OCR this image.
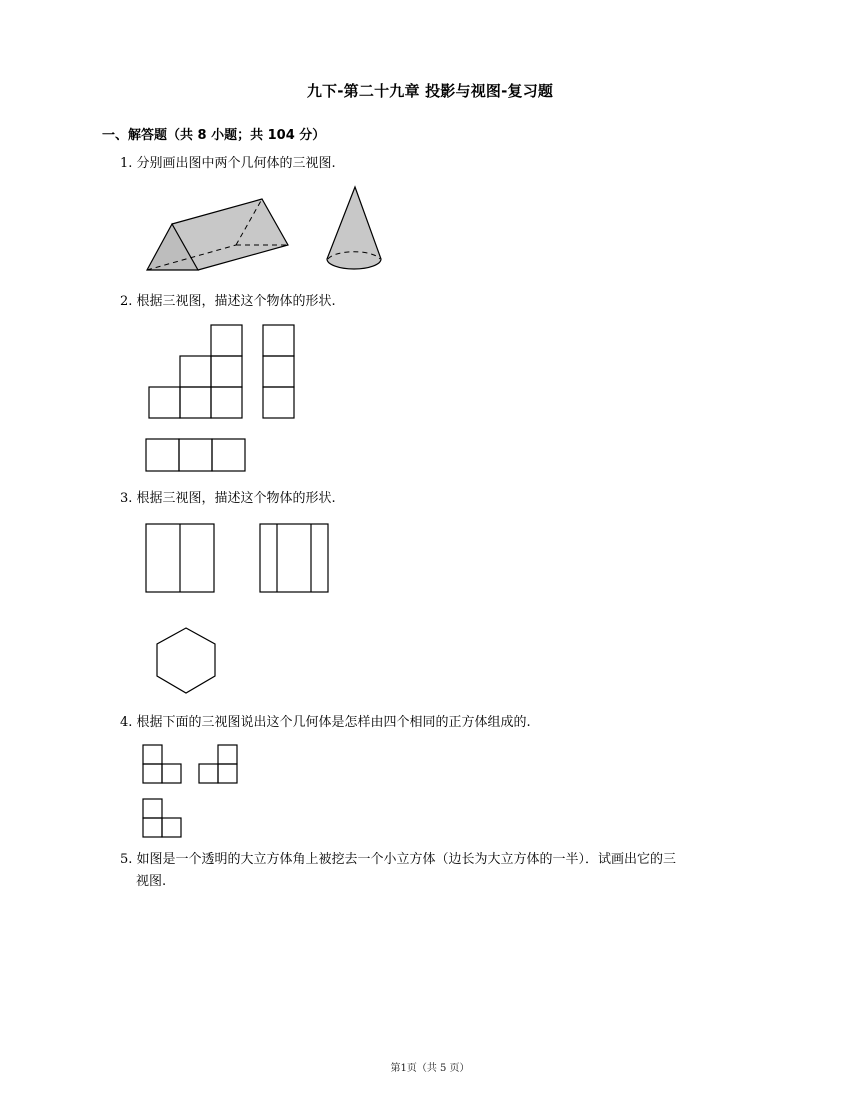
九下-第二十九章 投影与视图-复习题
一、解答题（共 8 小题；共 104 分）
1. 分别画出图中两个几何体的三视图.
2. 根据三视图，描述这个物体的形状.
3. 根据三视图，描述这个物体的形状.
4. 根据下面的三视图说出这个几何体是怎样由四个相同的正方体组成的.
5. 如图是一个透明的大立方体角上被挖去一个小立方体（边长为大立方体的一半）．试画出它的三
视图.
第1页（共 5 页）
